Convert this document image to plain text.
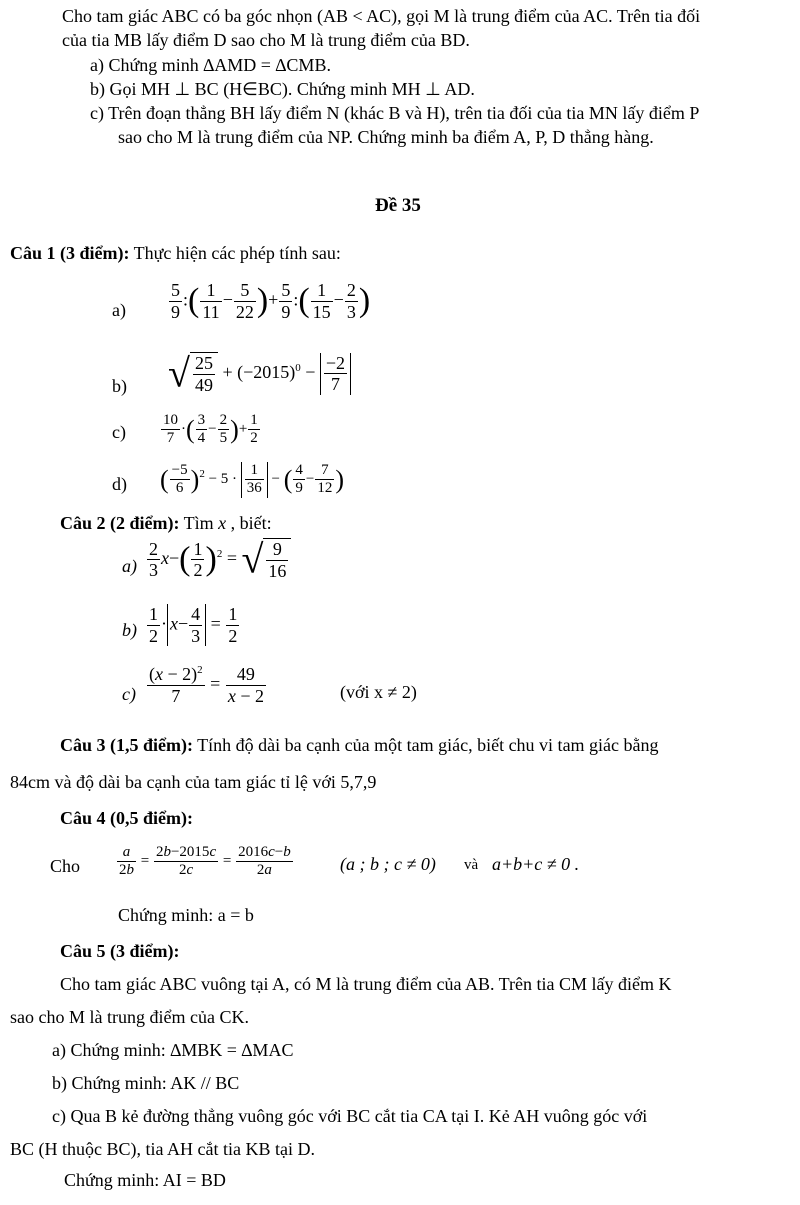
Cho tam giác ABC có ba góc nhọn (AB < AC), gọi M là trung điểm của AC. Trên tia đối
của tia MB lấy điểm D sao cho M là trung điểm của BD.
a) Chứng minh ∆AMD = ∆CMB.
b) Gọi MH ⊥ BC (H∈BC). Chứng minh MH ⊥ AD.
c) Trên đoạn thẳng BH lấy điểm N (khác B và H), trên tia đối của tia MN lấy điểm P
sao cho M là trung điểm của NP. Chứng minh ba điểm A, P, D thẳng hàng.
Đề 35
Câu 1 (3 điểm): Thực hiện các phép tính sau:
$a) \frac{5}{9}$ :( $\frac{1}{11} - \frac{5}{22}$ )+ $\frac{5}{9}$ :( $\frac{1}{15} - \frac{2}{3}$ )
b) √ $\frac{25}{49} + (-2015)^0 - \frac{-2}{7}$
$c) \frac{10}{7}$ ·( $\frac{3}{4} - \frac{2}{5}$ )+ $\frac{1}{2}$
d) ( $\frac{-5}{6} )^2 - 5 \cdot \frac{1}{36}$ − ( $\frac{4}{9} - \frac{7}{12}$ )
Câu 2 (2 điểm): Tìm x , biết:
$a) \frac{2}{3} x-( \frac{1}{2} )^2$ = √ $\frac{9}{16}$
$b) \frac{1}{2} \cdot x- \frac{4}{3} = \frac{1}{2}$
$c) \frac{(x - 2)^2}{7} = \frac{49}{x - 2}$	(với x ≠ 2)
Câu 3 (1,5 điểm): Tính độ dài ba cạnh của một tam giác, biết chu vi tam giác bằng
84cm và độ dài ba cạnh của tam giác tỉ lệ với 5,7,9
Câu 4 (0,5 điểm):
Cho $\frac{a}{2b} = \frac{2b-2015c}{2c} = \frac{2016c-b}{2a}$	(a ; b ; c ≠ 0) và a+b+c ≠ 0 .
Chứng minh: a = b
Câu 5 (3 điểm):
Cho tam giác ABC vuông tại A, có M là trung điểm của AB. Trên tia CM lấy điểm K
sao cho M là trung điểm của CK.
a) Chứng minh: ∆MBK = ∆MAC
b) Chứng minh: AK // BC
c) Qua B kẻ đường thẳng vuông góc với BC cắt tia CA tại I. Kẻ AH vuông góc với
BC (H thuộc BC), tia AH cắt tia KB tại D.
Chứng minh: AI = BD
